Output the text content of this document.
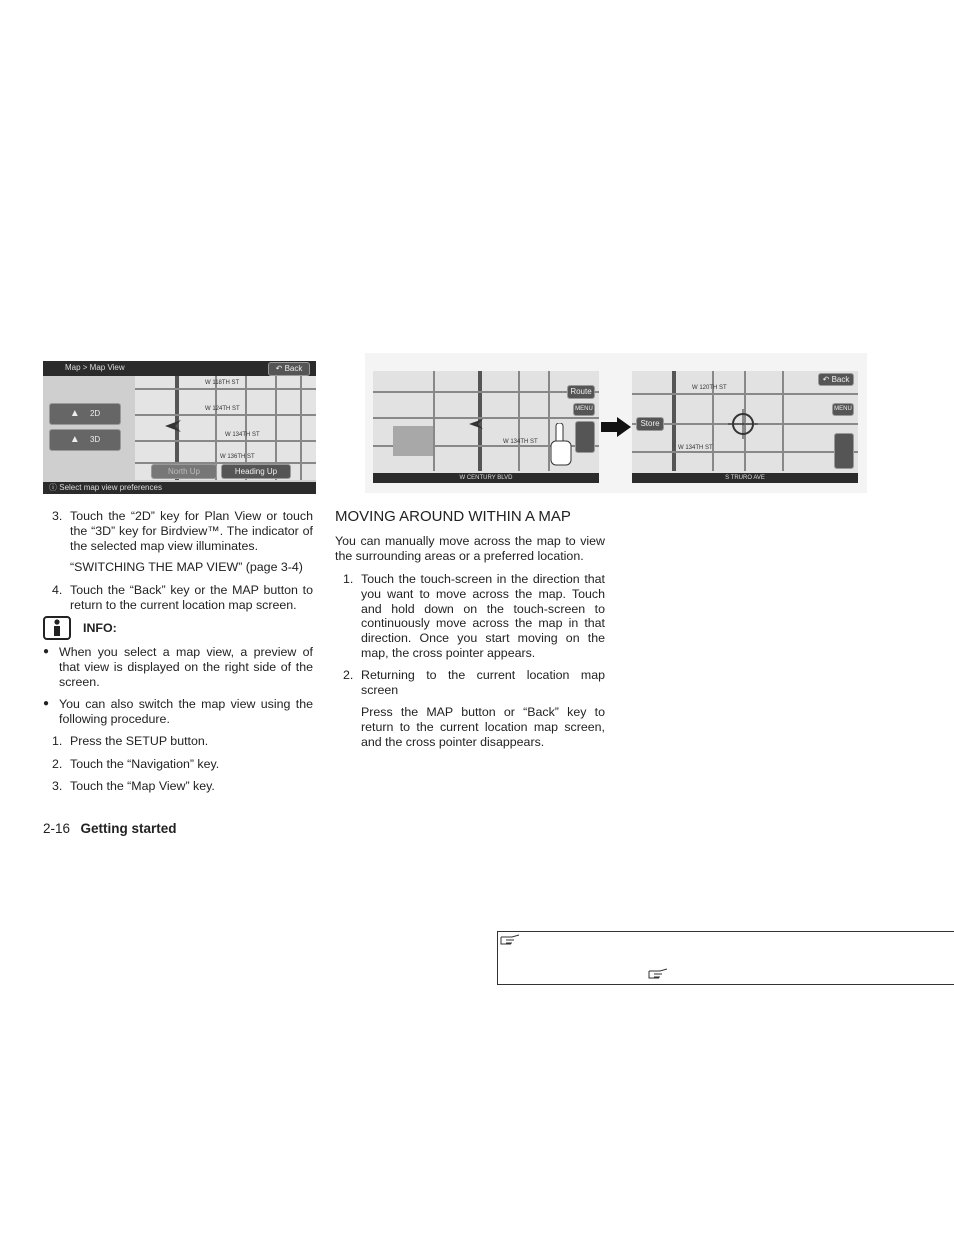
Map > Map View	↶ Back
W 118TH ST
W 124TH ST
W 134TH ST
W 136TH ST
▲ 2D
▲ 3D
North Up	Heading Up
ⓘ Select map view preferences
W 134TH ST
Route
MENU
W CENTURY BLVD
W 120TH ST
W 134TH ST
Store
↶ Back
MENU
S TRURO AVE
3. Touch the “2D” key for Plan View or touch the “3D” key for Birdview™. The indicator of the selected map view illuminates.
“SWITCHING THE MAP VIEW” (page 3-4)
4. Touch the “Back” key or the MAP button to return to the current location map screen.
INFO:
● When you select a map view, a preview of that view is displayed on the right side of the screen.
● You can also switch the map view using the following procedure.
1. Press the SETUP button.
2. Touch the “Navigation” key.
3. Touch the “Map View” key.
MOVING AROUND WITHIN A MAP
You can manually move across the map to view the surrounding areas or a preferred location.
1. Touch the touch-screen in the direction that you want to move across the map. Touch and hold down on the touch-screen to continuously move across the map in that direction. Once you start moving on the map, the cross pointer appears.
2. Returning to the current location map screen
Press the MAP button or “Back” key to return to the current location map screen, and the cross pointer disappears.
2-16 Getting started
